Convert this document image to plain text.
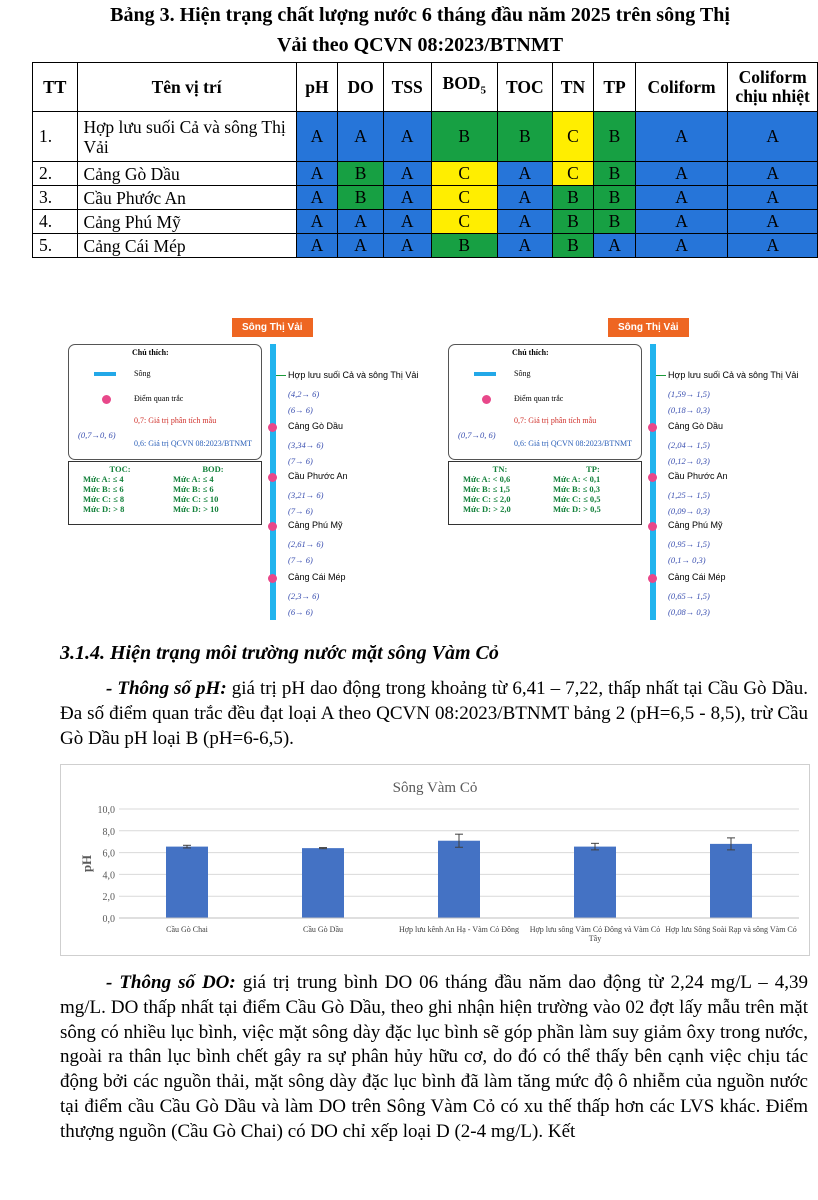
Bảng 3. Hiện trạng chất lượng nước 6 tháng đầu năm 2025 trên sông Thị
Vải theo QCVN 08:2023/BTNMT
TT	Tên vị trí	pH	DO	TSS	$BOD_5$	TOC	TN	TP	Coliform	Coliform
chịu nhiệt

1.	Hợp lưu suối Cả và sông Thị Vải	A	A	A	B	B	C	B	A	A
2.	Cảng Gò Dầu	A	B	A	C	A	C	B	A	A
3.	Cầu Phước An	A	B	A	C	A	B	B	A	A
4.	Cảng Phú Mỹ	A	A	A	C	A	B	B	A	A
5.	Cảng Cái Mép	A	A	A	B	A	B	A	A	A
Sông Thị Vải
Chú thích:
Sông
Điểm quan trắc
0,7: Giá trị phân tích mẫu
(0,7→0, 6)
0,6: Giá trị QCVN 08:2023/BTNMT
TOC:
Mức A: ≤ 4
Mức B: ≤ 6
Mức C: ≤ 8
Mức D: > 8
BOD:
Mức A: ≤ 4
Mức B: ≤ 6
Mức C: ≤ 10
Mức D: > 10
Hợp lưu suối Cả và sông Thị Vải
(4,2→ 6)
(6→ 6)
Cảng Gò Dầu
(3,34→ 6)
(7→ 6)
Cầu Phước An
(3,21→ 6)
(7→ 6)
Cảng Phú Mỹ
(2,61→ 6)
(7→ 6)
Cảng Cái Mép
(2,3→ 6)
(6→ 6)
Sông Thị Vải
Chú thích:
Sông
Điểm quan trắc
0,7: Giá trị phân tích mẫu
(0,7→0, 6)
0,6: Giá trị QCVN 08:2023/BTNMT
TN:
Mức A: < 0,6
Mức B: ≤ 1,5
Mức C: ≤ 2,0
Mức D: > 2,0
TP:
Mức A: < 0,1
Mức B: ≤ 0,3
Mức C: ≤ 0,5
Mức D: > 0,5
Hợp lưu suối Cả và sông Thị Vải
(1,59→ 1,5)
(0,18→ 0,3)
Cảng Gò Dầu
(2,04→ 1,5)
(0,12→ 0,3)
Cầu Phước An
(1,25→ 1,5)
(0,09→ 0,3)
Cảng Phú Mỹ
(0,95→ 1,5)
(0,1→ 0,3)
Cảng Cái Mép
(0,65→ 1,5)
(0,08→ 0,3)
3.1.4. Hiện trạng môi trường nước mặt sông Vàm Cỏ
- Thông số pH: giá trị pH dao động trong khoảng từ 6,41 – 7,22, thấp nhất tại Cầu Gò Dầu. Đa số điểm quan trắc đều đạt loại A theo QCVN 08:2023/BTNMT bảng 2 (pH=6,5 - 8,5), trừ Cầu Gò Dầu pH loại B (pH=6-6,5).
Sông Vàm Cỏ
0,0
2,0
4,0
6,0
8,0
10,0
pH
Cầu Gò Chai	Cầu Gò Dầu	Hợp lưu kênh An Hạ - Vàm Cỏ Đông Hợp lưu sông Vàm Cỏ Đông và Vàm Cỏ Tây
Hợp lưu Sông Soài Rạp và sông Vàm Cỏ
- Thông số DO: giá trị trung bình DO 06 tháng đầu năm dao động từ 2,24 mg/L – 4,39 mg/L. DO thấp nhất tại điểm Cầu Gò Dầu, theo ghi nhận hiện trường vào 02 đợt lấy mẫu trên mặt sông có nhiều lục bình, việc mặt sông dày đặc lục bình sẽ góp phần làm suy giảm ôxy trong nước, ngoài ra thân lục bình chết gây ra sự phân hủy hữu cơ, do đó có thể thấy bên cạnh việc chịu tác động bởi các nguồn thải, mặt sông dày đặc lục bình đã làm tăng mức độ ô nhiễm của nguồn nước tại điểm cầu Cầu Gò Dầu và làm DO trên Sông Vàm Cỏ có xu thế thấp hơn các LVS khác. Điểm thượng nguồn (Cầu Gò Chai) có DO chỉ xếp loại D (2-4 mg/L). Kết
